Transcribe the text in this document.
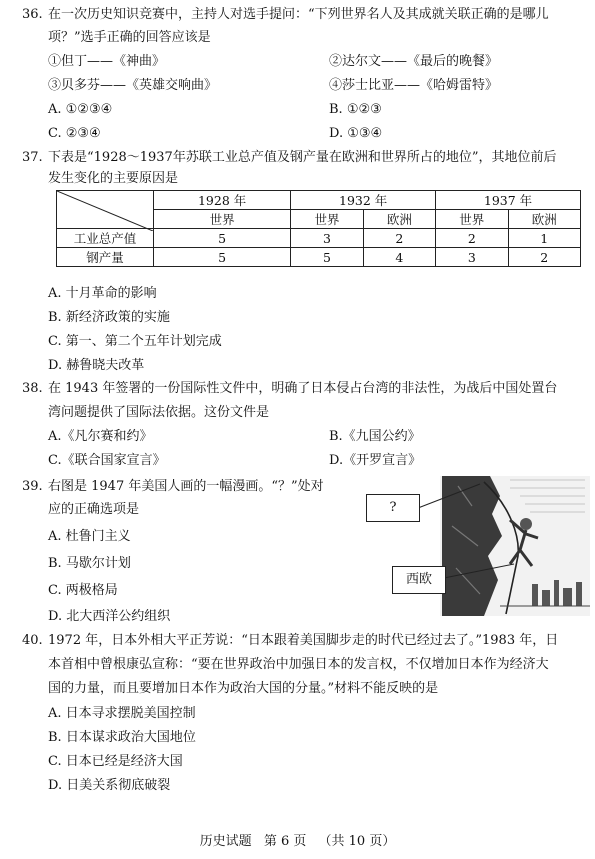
36. 在一次历史知识竞赛中，主持人对选手提问：“下列世界名人及其成就关联正确的是哪儿
项？”选手正确的回答应该是
①但丁——《神曲》	②达尔文——《最后的晚餐》
③贝多芬——《英雄交响曲》	④莎士比亚——《哈姆雷特》
A. ①②③④	B. ①②③
C. ②③④	D. ①③④
37. 下表是“1928～1937年苏联工业总产值及钢产量在欧洲和世界所占的地位”，其地位前后
发生变化的主要原因是
	1928 年	1932 年		1937 年	
	世界	世界	欧洲	世界	欧洲
工业总产值	5	3	2	2	1
钢产量	5	5	4	3	2
A. 十月革命的影响
B. 新经济政策的实施
C. 第一、第二个五年计划完成
D. 赫鲁晓夫改革
38. 在 1943 年签署的一份国际性文件中，明确了日本侵占台湾的非法性，为战后中国处置台
湾问题提供了国际法依据。这份文件是
A.《凡尔赛和约》	B.《九国公约》
C.《联合国家宣言》	D.《开罗宣言》
39. 右图是 1947 年美国人画的一幅漫画。“？”处对
应的正确选项是
A. 杜鲁门主义
B. 马歇尔计划
C. 两极格局
D. 北大西洋公约组织
?
西欧
40. 1972 年，日本外相大平正芳说：“日本跟着美国脚步走的时代已经过去了。”1983 年，日
本首相中曾根康弘宣称：“要在世界政治中加强日本的发言权，不仅增加日本作为经济大
国的力量，而且要增加日本作为政治大国的分量。”材料不能反映的是
A. 日本寻求摆脱美国控制
B. 日本谋求政治大国地位
C. 日本已经是经济大国
D. 日美关系彻底破裂
历史试题 第 6 页 （共 10 页）
